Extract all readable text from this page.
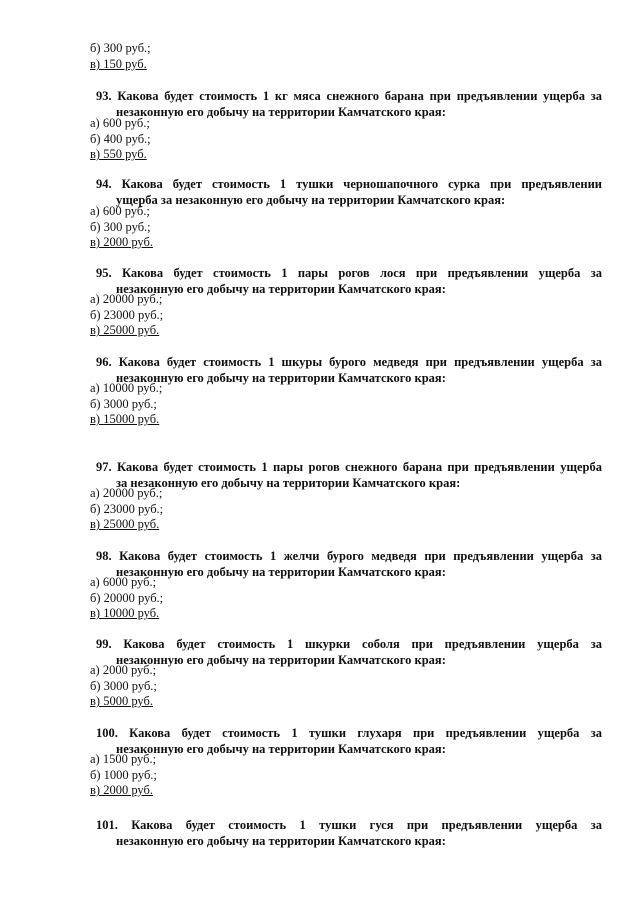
б) 300 руб.;
в) 150 руб.
93. Какова будет стоимость 1 кг мяса снежного барана при предъявлении ущерба за
незаконную его добычу на территории Камчатского края:
а) 600 руб.;
б) 400 руб.;
в) 550 руб.
94. Какова будет стоимость 1 тушки черношапочного сурка при предъявлении
ущерба за незаконную его добычу на территории Камчатского края:
а) 600 руб.;
б) 300 руб.;
в) 2000 руб.
95. Какова будет стоимость 1 пары рогов лося при предъявлении ущерба за
незаконную его добычу на территории Камчатского края:
а) 20000 руб.;
б) 23000 руб.;
в) 25000 руб.
96. Какова будет стоимость 1 шкуры бурого медведя при предъявлении ущерба за
незаконную его добычу на территории Камчатского края:
а) 10000 руб.;
б) 3000 руб.;
в) 15000 руб.
97. Какова будет стоимость 1 пары рогов снежного барана при предъявлении ущерба
за незаконную его добычу на территории Камчатского края:
а) 20000 руб.;
б) 23000 руб.;
в) 25000 руб.
98. Какова будет стоимость 1 желчи бурого медведя при предъявлении ущерба за
незаконную его добычу на территории Камчатского края:
а) 6000 руб.;
б) 20000 руб.;
в) 10000 руб.
99. Какова будет стоимость 1 шкурки соболя при предъявлении ущерба за
незаконную его добычу на территории Камчатского края:
а) 2000 руб.;
б) 3000 руб.;
в) 5000 руб.
100. Какова будет стоимость 1 тушки глухаря при предъявлении ущерба за
незаконную его добычу на территории Камчатского края:
а) 1500 руб.;
б) 1000 руб.;
в) 2000 руб.
101. Какова будет стоимость 1 тушки гуся при предъявлении ущерба за
незаконную его добычу на территории Камчатского края:
